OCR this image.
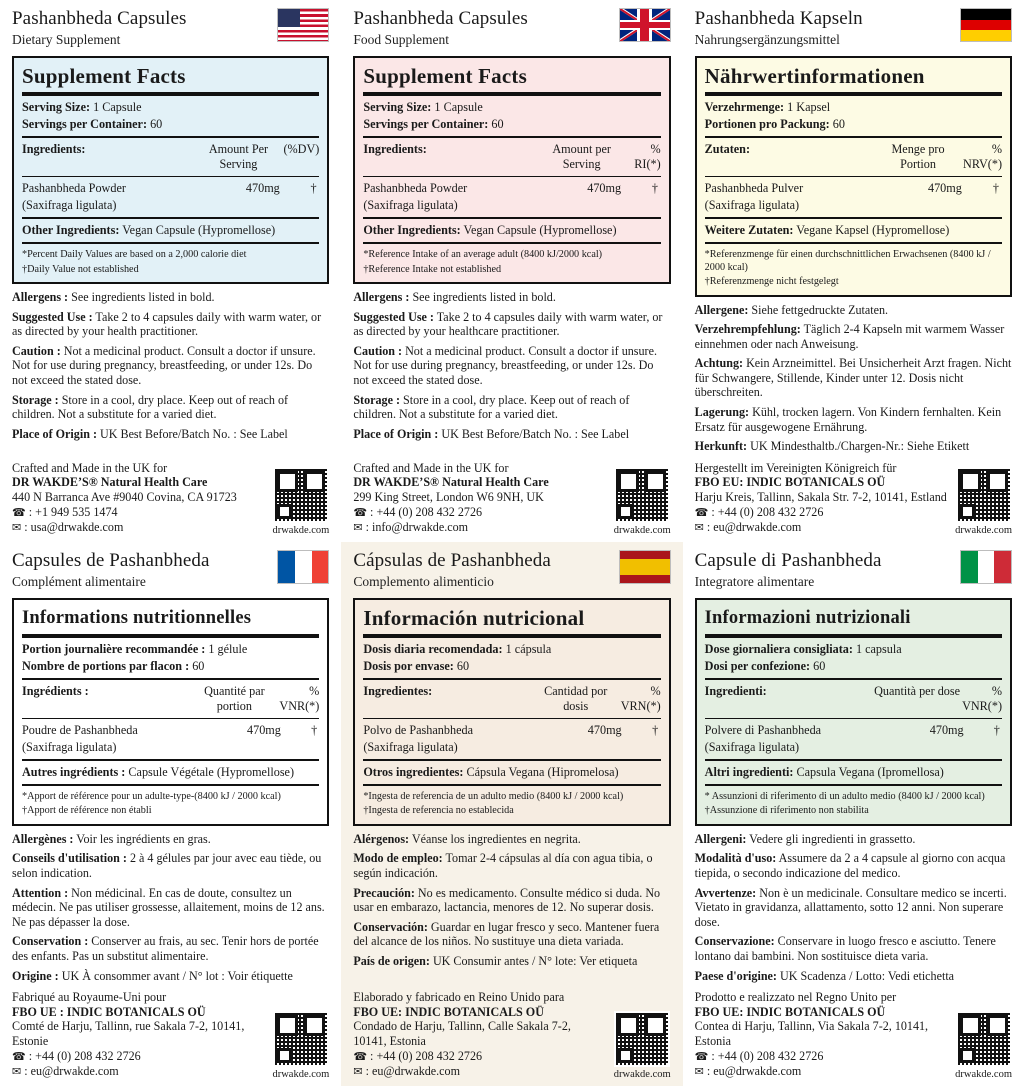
Pashanbheda Capsules
Dietary Supplement
Supplement Facts
Serving Size: 1 Capsule
Servings per Container: 60
Ingredients:	Amount Per Serving	(%DV)
Pashanbheda Powder	470mg	†
(Saxifraga ligulata)		
Other Ingredients: Vegan Capsule (Hypromellose)
*Percent Daily Values are based on a 2,000 calorie diet
†Daily Value not established

Allergens : See ingredients listed in bold.

Suggested Use : Take 2 to 4 capsules daily with warm water, or as directed by your health practitioner.

Caution : Not a medicinal product. Consult a doctor if unsure. Not for use during pregnancy, breastfeeding, or under 12s. Do not exceed the stated dose.

Storage : Store in a cool, dry place. Keep out of reach of children. Not a substitute for a varied diet.

Place of Origin : UK Best Before/Batch No. : See Label

Crafted and Made in the UK for
DR WAKDE’S® Natural Health Care
440 N Barranca Ave #9040 Covina, CA 91723
☎ : +1 949 535 1474
✉ : usa@drwakde.com	drwakde.com
Pashanbheda Capsules
Food Supplement
Supplement Facts
Serving Size: 1 Capsule
Servings per Container: 60
Ingredients:	Amount per Serving	% RI(*)
Pashanbheda Powder	470mg	†
(Saxifraga ligulata)		
Other Ingredients: Vegan Capsule (Hypromellose)
*Reference Intake of an average adult (8400 kJ/2000 kcal)
†Reference Intake not established

Allergens : See ingredients listed in bold.

Suggested Use : Take 2 to 4 capsules daily with warm water, or as directed by your healthcare practitioner.

Caution : Not a medicinal product. Consult a doctor if unsure. Not for use during pregnancy, breastfeeding, or under 12s. Do not exceed the stated dose.

Storage : Store in a cool, dry place. Keep out of reach of children. Not a substitute for a varied diet.

Place of Origin : UK Best Before/Batch No. : See Label

Crafted and Made in the UK for
DR WAKDE’S® Natural Health Care
299 King Street, London W6 9NH, UK
☎ : +44 (0) 208 432 2726
✉ : info@drwakde.com	drwakde.com
Pashanbheda Kapseln
Nahrungsergänzungsmittel
Nährwertinformationen
Verzehrmenge: 1 Kapsel
Portionen pro Packung: 60
Zutaten:	Menge pro Portion	% NRV(*)
Pashanbheda Pulver	470mg	†
(Saxifraga ligulata)		
Weitere Zutaten: Vegane Kapsel (Hypromellose)
*Referenzmenge für einen durchschnittlichen Erwachsenen (8400 kJ / 2000 kcal)
†Referenzmenge nicht festgelegt

Allergene: Siehe fettgedruckte Zutaten.

Verzehrempfehlung: Täglich 2-4 Kapseln mit warmem Wasser einnehmen oder nach Anweisung.

Achtung: Kein Arzneimittel. Bei Unsicherheit Arzt fragen. Nicht für Schwangere, Stillende, Kinder unter 12. Dosis nicht überschreiten.

Lagerung: Kühl, trocken lagern. Von Kindern fernhalten. Kein Ersatz für ausgewogene Ernährung.

Herkunft: UK Mindesthaltb./Chargen-Nr.: Siehe Etikett

Hergestellt im Vereinigten Königreich für
FBO EU: INDIC BOTANICALS OÜ
Harju Kreis, Tallinn, Sakala Str. 7-2, 10141, Estland
☎ : +44 (0) 208 432 2726
✉ : eu@drwakde.com	drwakde.com
Capsules de Pashanbheda
Complément alimentaire
Informations nutritionnelles
Portion journalière recommandée : 1 gélule
Nombre de portions par flacon : 60
Ingrédients :	Quantité par portion	% VNR(*)
Poudre de Pashanbheda	470mg	†
(Saxifraga ligulata)		
Autres ingrédients : Capsule Végétale (Hypromellose)
*Apport de référence pour un adulte-type-(8400 kJ / 2000 kcal)
†Apport de référence non établi

Allergènes : Voir les ingrédients en gras.

Conseils d'utilisation : 2 à 4 gélules par jour avec eau tiède, ou selon indication.

Attention : Non médicinal. En cas de doute, consultez un médecin. Ne pas utiliser grossesse, allaitement, moins de 12 ans. Ne pas dépasser la dose.

Conservation : Conserver au frais, au sec. Tenir hors de portée des enfants. Pas un substitut alimentaire.

Origine : UK À consommer avant / N° lot : Voir étiquette

Fabriqué au Royaume-Uni pour
FBO UE : INDIC BOTANICALS OÜ
Comté de Harju, Tallinn, rue Sakala 7-2, 10141, Estonie
☎ : +44 (0) 208 432 2726
✉ : eu@drwakde.com	drwakde.com
Cápsulas de Pashanbheda
Complemento alimenticio
Información nutricional
Dosis diaria recomendada: 1 cápsula
Dosis por envase: 60
Ingredientes:	Cantidad por dosis	% VRN(*)
Polvo de Pashanbheda	470mg	†
(Saxifraga ligulata)		
Otros ingredientes: Cápsula Vegana (Hipromelosa)
*Ingesta de referencia de un adulto medio (8400 kJ / 2000 kcal)
†Ingesta de referencia no establecida

Alérgenos: Véanse los ingredientes en negrita.

Modo de empleo: Tomar 2-4 cápsulas al día con agua tibia, o según indicación.

Precaución: No es medicamento. Consulte médico si duda. No usar en embarazo, lactancia, menores de 12. No superar dosis.

Conservación: Guardar en lugar fresco y seco. Mantener fuera del alcance de los niños. No sustituye una dieta variada.

País de origen: UK Consumir antes / N° lote: Ver etiqueta

Elaborado y fabricado en Reino Unido para
FBO UE: INDIC BOTANICALS OÜ
Condado de Harju, Tallinn, Calle Sakala 7-2, 10141, Estonia
☎ : +44 (0) 208 432 2726
✉ : eu@drwakde.com	drwakde.com
Capsule di Pashanbheda
Integratore alimentare
Informazioni nutrizionali
Dose giornaliera consigliata: 1 capsula
Dosi per confezione: 60
Ingredienti:	Quantità per dose	% VNR(*)
Polvere di Pashanbheda	470mg	†
(Saxifraga ligulata)		
Altri ingredienti: Capsula Vegana (Ipromellosa)
* Assunzioni di riferimento di un adulto medio (8400 kJ / 2000 kcal)
†Assunzione di riferimento non stabilita

Allergeni: Vedere gli ingredienti in grassetto.

Modalità d'uso: Assumere da 2 a 4 capsule al giorno con acqua tiepida, o secondo indicazione del medico.

Avvertenze: Non è un medicinale. Consultare medico se incerti. Vietato in gravidanza, allattamento, sotto 12 anni. Non superare dose.

Conservazione: Conservare in luogo fresco e asciutto. Tenere lontano dai bambini. Non sostituisce dieta varia.

Paese d'origine: UK Scadenza / Lotto: Vedi etichetta

Prodotto e realizzato nel Regno Unito per
FBO UE: INDIC BOTANICALS OÜ
Contea di Harju, Tallinn, Via Sakala 7-2, 10141, Estonia
☎ : +44 (0) 208 432 2726
✉ : eu@drwakde.com	drwakde.com
